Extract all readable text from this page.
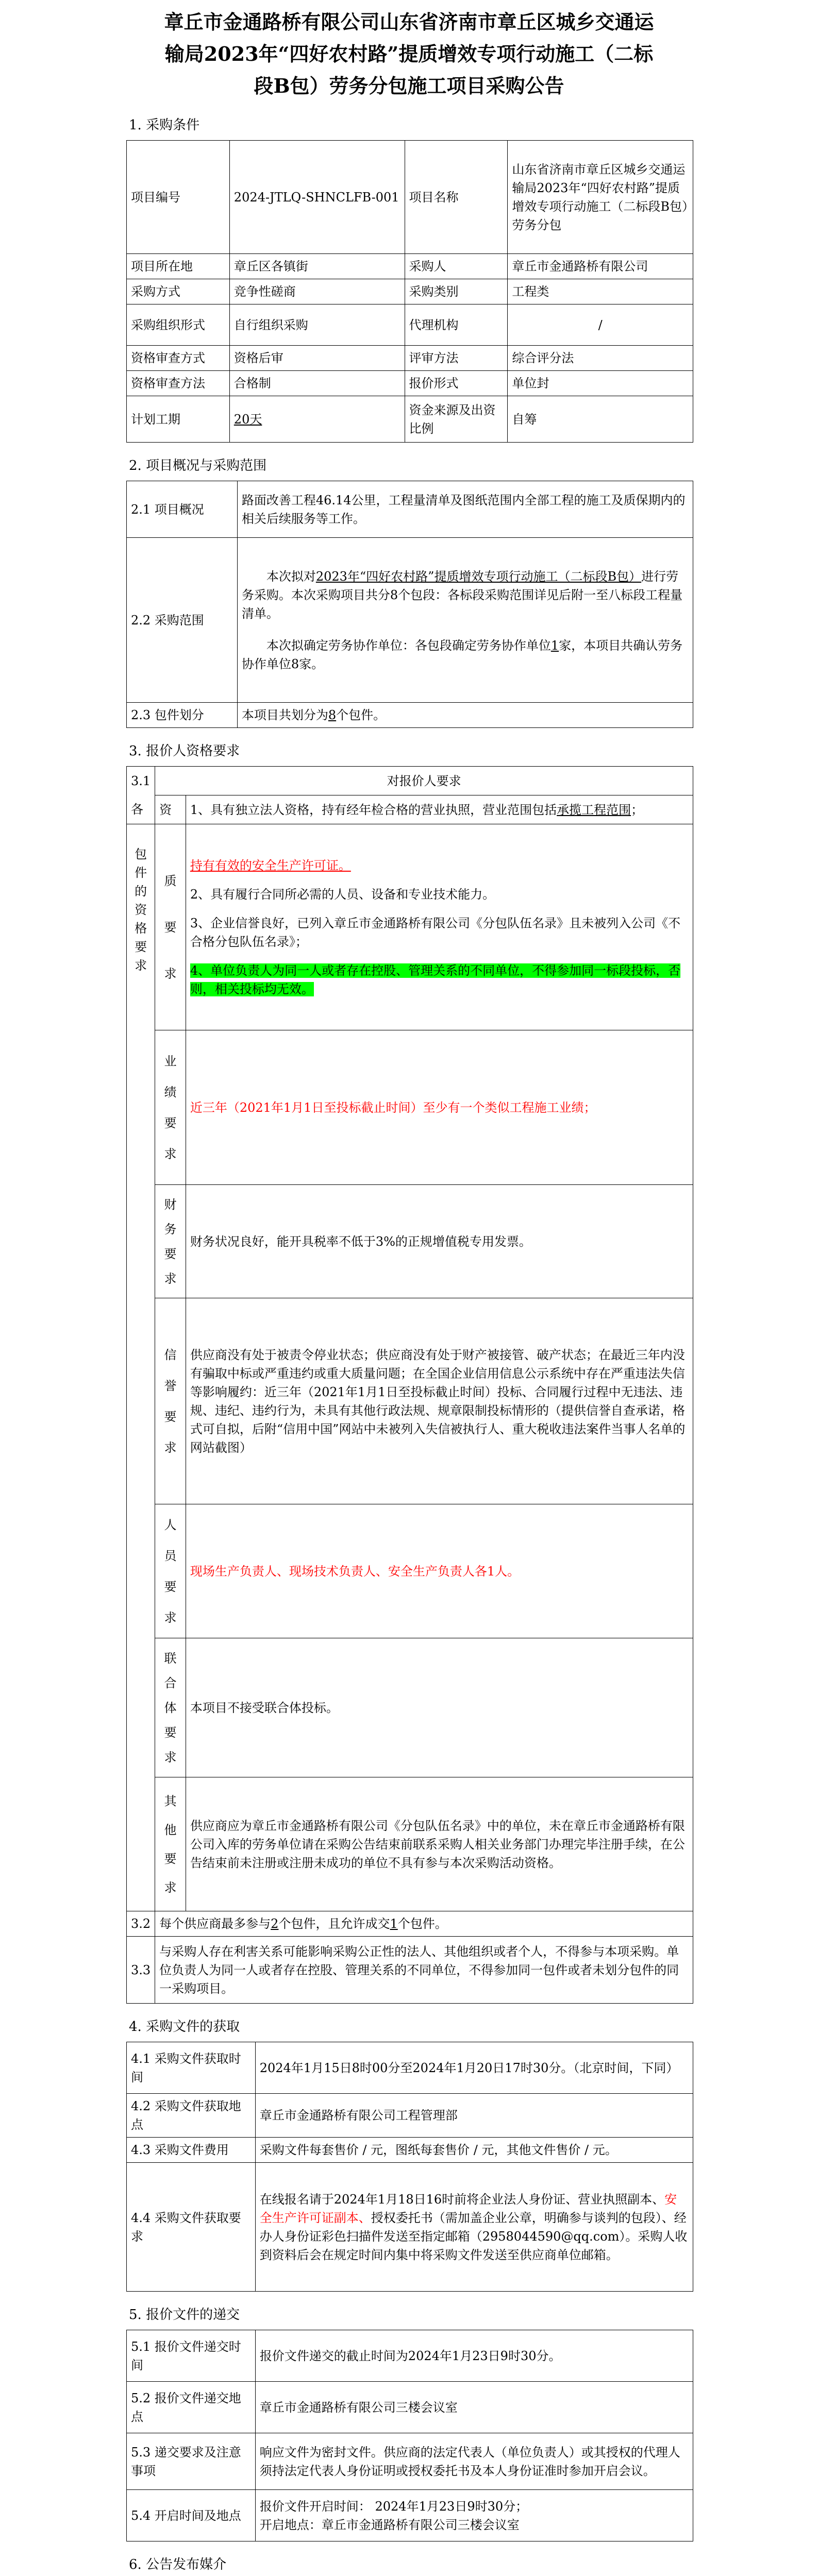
章丘市金通路桥有限公司山东省济南市章丘区城乡交通运
输局2023年“四好农村路”提质增效专项行动施工（二标
段B包）劳务分包施工项目采购公告
1. 采购条件
项目编号	2024-JTLQ-SHNCLFB-001	项目名称	山东省济南市章丘区城乡交通运输局2023年“四好农村路”提质增效专项行动施工（二标段B包）劳务分包
项目所在地	章丘区各镇街	采购人	章丘市金通路桥有限公司
采购方式	竞争性磋商	采购类别	工程类
采购组织形式	自行组织采购	代理机构	/
资格审查方式	资格后审	评审方法	综合评分法
资格审查方法	合格制	报价形式	单位封
计划工期	20天	资金来源及出资比例	自筹
2. 项目概况与采购范围
2.1 项目概况	路面改善工程46.14公里，工程量清单及图纸范围内全部工程的施工及质保期内的相关后续服务等工作。
2.2 采购范围	本次拟对2023年“四好农村路”提质增效专项行动施工（二标段B包）进行劳务采购。本次采购项目共分8个包段：各标段采购范围详见后附一至八标段工程量清单。
本次拟确定劳务协作单位：各包段确定劳务协作单位1家，本项目共确认劳务协作单位8家。

2.3 包件划分	本项目共划分为8个包件。
3. 报价人资格要求
3.1	对报价人要求	
各	资	1、具有独立法人资格，持有经年检合格的营业执照，营业范围包括承揽工程范围；

包件的资格要求	质要求	持有有效的安全生产许可证。
2、具有履行合同所必需的人员、设备和专业技术能力。
3、企业信誉良好，已列入章丘市金通路桥有限公司《分包队伍名录》且未被列入公司《不合格分包队伍名录》；
4、单位负责人为同一人或者存在控股、管理关系的不同单位，不得参加同一标段投标，否则，相关投标均无效。

	业绩要求	近三年（2021年1月1日至投标截止时间）至少有一个类似工程施工业绩；

	财务要求	财务状况良好，能开具税率不低于3%的正规增值税专用发票。

	信誉要求	供应商没有处于被责令停业状态；供应商没有处于财产被接管、破产状态；在最近三年内没有骗取中标或严重违约或重大质量问题；在全国企业信用信息公示系统中存在严重违法失信等影响履约：近三年（2021年1月1日至投标截止时间）投标、合同履行过程中无违法、违规、违纪、违约行为，未具有其他行政法规、规章限制投标情形的（提供信誉自查承诺，格式可自拟，后附“信用中国”网站中未被列入失信被执行人、重大税收违法案件当事人名单的网站截图）

	人员要求	现场生产负责人、现场技术负责人、安全生产负责人各1人。

	联合体要求	本项目不接受联合体投标。

	其他要求	供应商应为章丘市金通路桥有限公司《分包队伍名录》中的单位，未在章丘市金通路桥有限公司入库的劳务单位请在采购公告结束前联系采购人相关业务部门办理完毕注册手续，在公告结束前未注册或注册未成功的单位不具有参与本次采购活动资格。
3.2	每个供应商最多参与2个包件，且允许成交1个包件。	
3.3	与采购人存在利害关系可能影响采购公正性的法人、其他组织或者个人，不得参与本项采购。单位负责人为同一人或者存在控股、管理关系的不同单位，不得参加同一包件或者未划分包件的同一采购项目。	
4. 采购文件的获取
4.1 采购文件获取时间	2024年1月15日8时00分至2024年1月20日17时30分。（北京时间，下同）
4.2 采购文件获取地点	章丘市金通路桥有限公司工程管理部
4.3 采购文件费用	采购文件每套售价 / 元，图纸每套售价 / 元，其他文件售价 / 元。
4.4 采购文件获取要求	在线报名请于2024年1月18日16时前将企业法人身份证、营业执照副本、安全生产许可证副本、授权委托书（需加盖企业公章，明确参与谈判的包段）、经办人身份证彩色扫描件发送至指定邮箱（2958044590@qq.com）。采购人收到资料后会在规定时间内集中将采购文件发送至供应商单位邮箱。
5. 报价文件的递交
5.1 报价文件递交时间	报价文件递交的截止时间为2024年1月23日9时30分。
5.2 报价文件递交地点	章丘市金通路桥有限公司三楼会议室
5.3 递交要求及注意事项	响应文件为密封文件。供应商的法定代表人（单位负责人）或其授权的代理人须持法定代表人身份证明或授权委托书及本人身份证准时参加开启会议。
5.4 开启时间及地点	报价文件开启时间： 2024年1月23日9时30分；
开启地点：章丘市金通路桥有限公司三楼会议室
6. 公告发布媒介
